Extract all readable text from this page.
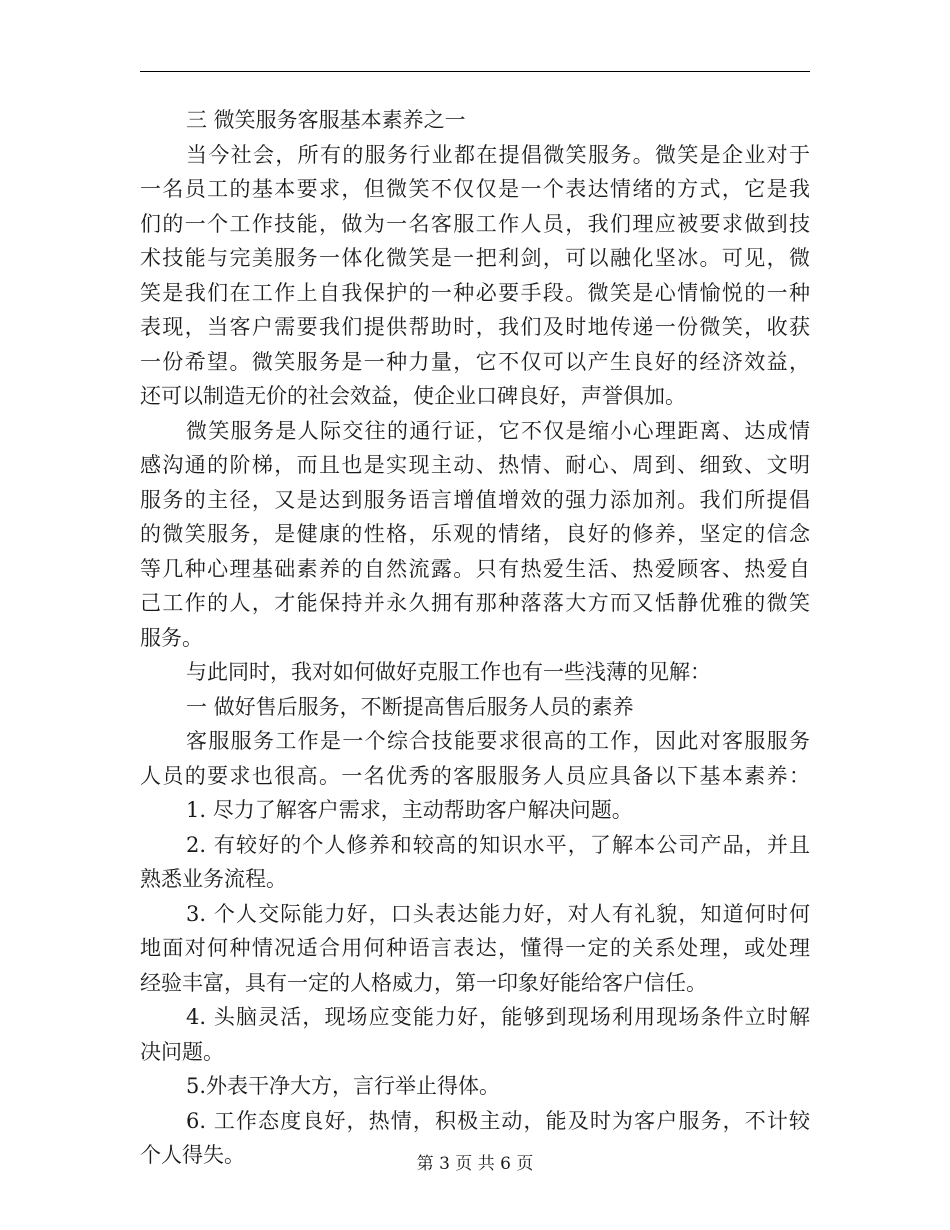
三 微笑服务客服基本素养之一
当今社会，所有的服务行业都在提倡微笑服务。微笑是企业对于
一名员工的基本要求，但微笑不仅仅是一个表达情绪的方式，它是我
们的一个工作技能，做为一名客服工作人员，我们理应被要求做到技
术技能与完美服务一体化微笑是一把利剑，可以融化坚冰。可见，微
笑是我们在工作上自我保护的一种必要手段。微笑是心情愉悦的一种
表现，当客户需要我们提供帮助时，我们及时地传递一份微笑，收获
一份希望。微笑服务是一种力量，它不仅可以产生良好的经济效益，
还可以制造无价的社会效益，使企业口碑良好，声誉俱加。
微笑服务是人际交往的通行证，它不仅是缩小心理距离、达成情
感沟通的阶梯，而且也是实现主动、热情、耐心、周到、细致、文明
服务的主径，又是达到服务语言增值增效的强力添加剂。我们所提倡
的微笑服务，是健康的性格，乐观的情绪，良好的修养，坚定的信念
等几种心理基础素养的自然流露。只有热爱生活、热爱顾客、热爱自
己工作的人，才能保持并永久拥有那种落落大方而又恬静优雅的微笑
服务。
与此同时，我对如何做好克服工作也有一些浅薄的见解：
一 做好售后服务，不断提高售后服务人员的素养
客服服务工作是一个综合技能要求很高的工作，因此对客服服务
人员的要求也很高。一名优秀的客服服务人员应具备以下基本素养：
1. 尽力了解客户需求，主动帮助客户解决问题。
2. 有较好的个人修养和较高的知识水平，了解本公司产品，并且
熟悉业务流程。
3. 个人交际能力好，口头表达能力好，对人有礼貌，知道何时何
地面对何种情况适合用何种语言表达，懂得一定的关系处理，或处理
经验丰富，具有一定的人格威力，第一印象好能给客户信任。
4. 头脑灵活，现场应变能力好，能够到现场利用现场条件立时解
决问题。
5.外表干净大方，言行举止得体。
6. 工作态度良好，热情，积极主动，能及时为客户服务，不计较
个人得失。	第 3 页 共 6 页
